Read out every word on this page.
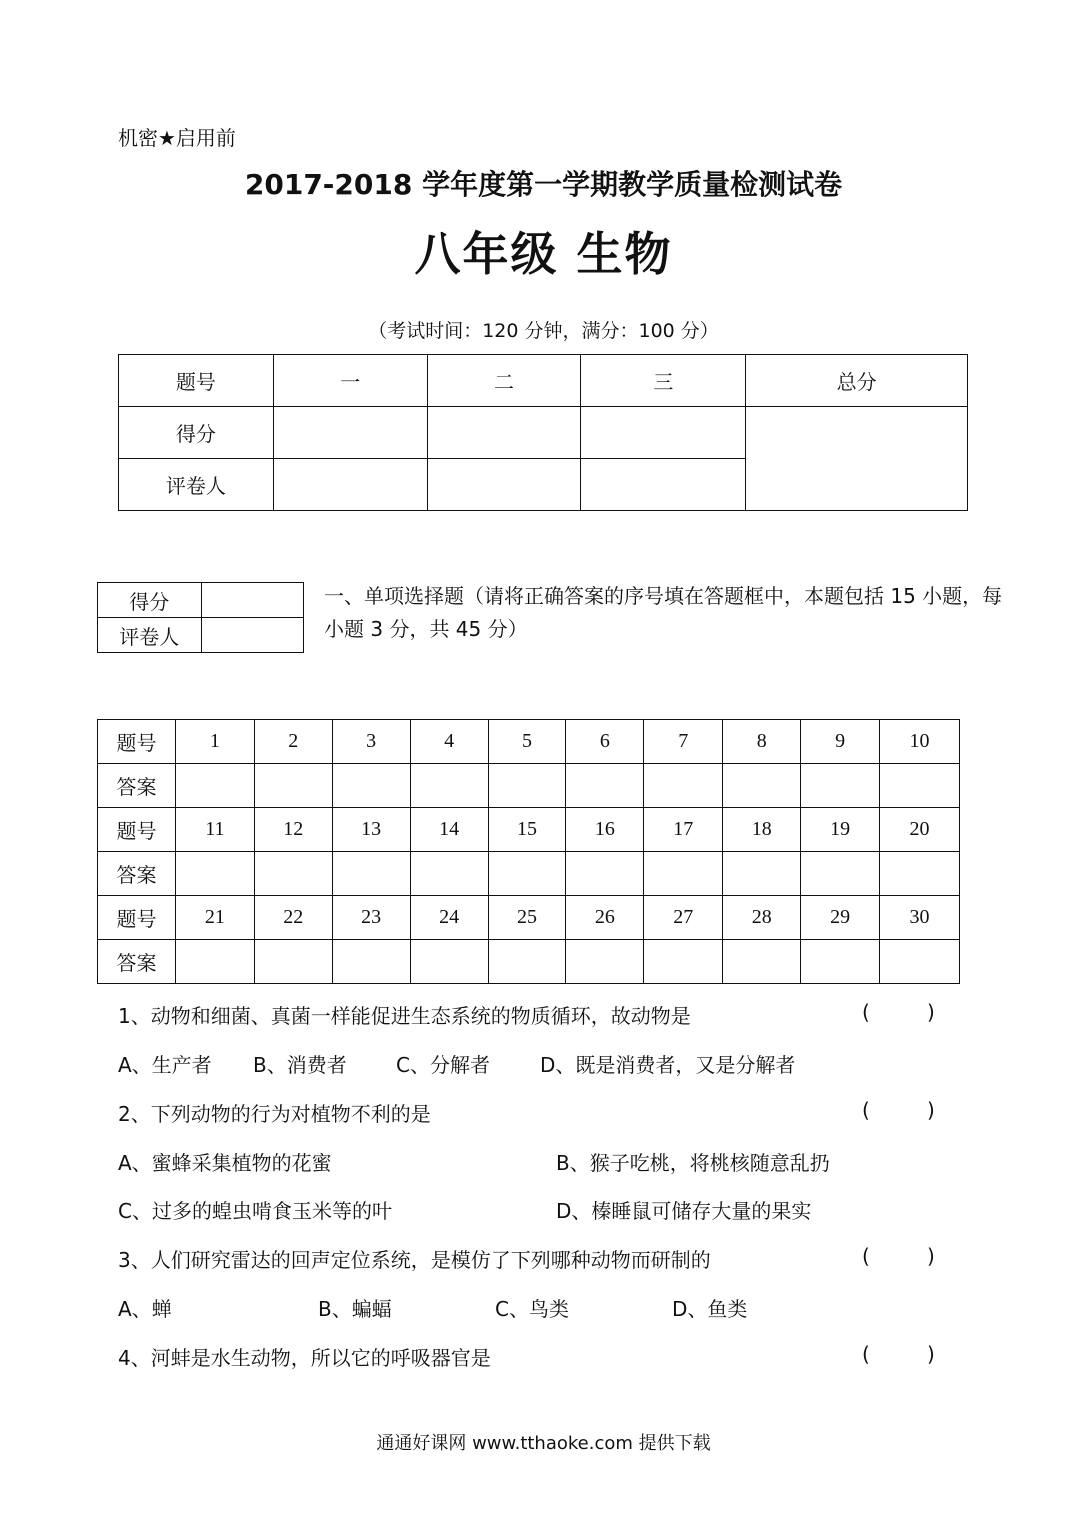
机密★启用前
2017-2018 学年度第一学期教学质量检测试卷
八年级 生物
（考试时间：120 分钟，满分：100 分）
题号	一	二	三	总分
得分				
评卷人				
得分	
评卷人	
一、单项选择题（请将正确答案的序号填在答题框中，本题包括 15 小题，每小题 3 分，共 45 分）
题号	1	2	3	4	5	6	7	8	9	10
答案										
题号	11	12	13	14	15	16	17	18	19	20
答案										
题号	21	22	23	24	25	26	27	28	29	30
答案										
1、动物和细菌、真菌一样能促进生态系统的物质循环，故动物是	(         )
A、生产者 B、消费者 C、分解者	D、既是消费者，又是分解者
2、下列动物的行为对植物不利的是	(         )
A、蜜蜂采集植物的花蜜	B、猴子吃桃，将桃核随意乱扔
C、过多的蝗虫啃食玉米等的叶	D、榛睡鼠可储存大量的果实
3、人们研究雷达的回声定位系统，是模仿了下列哪种动物而研制的	(         )
A、蝉	B、蝙蝠	C、鸟类	D、鱼类
4、河蚌是水生动物，所以它的呼吸器官是	(         )
通通好课网 www.tthaoke.com 提供下载
